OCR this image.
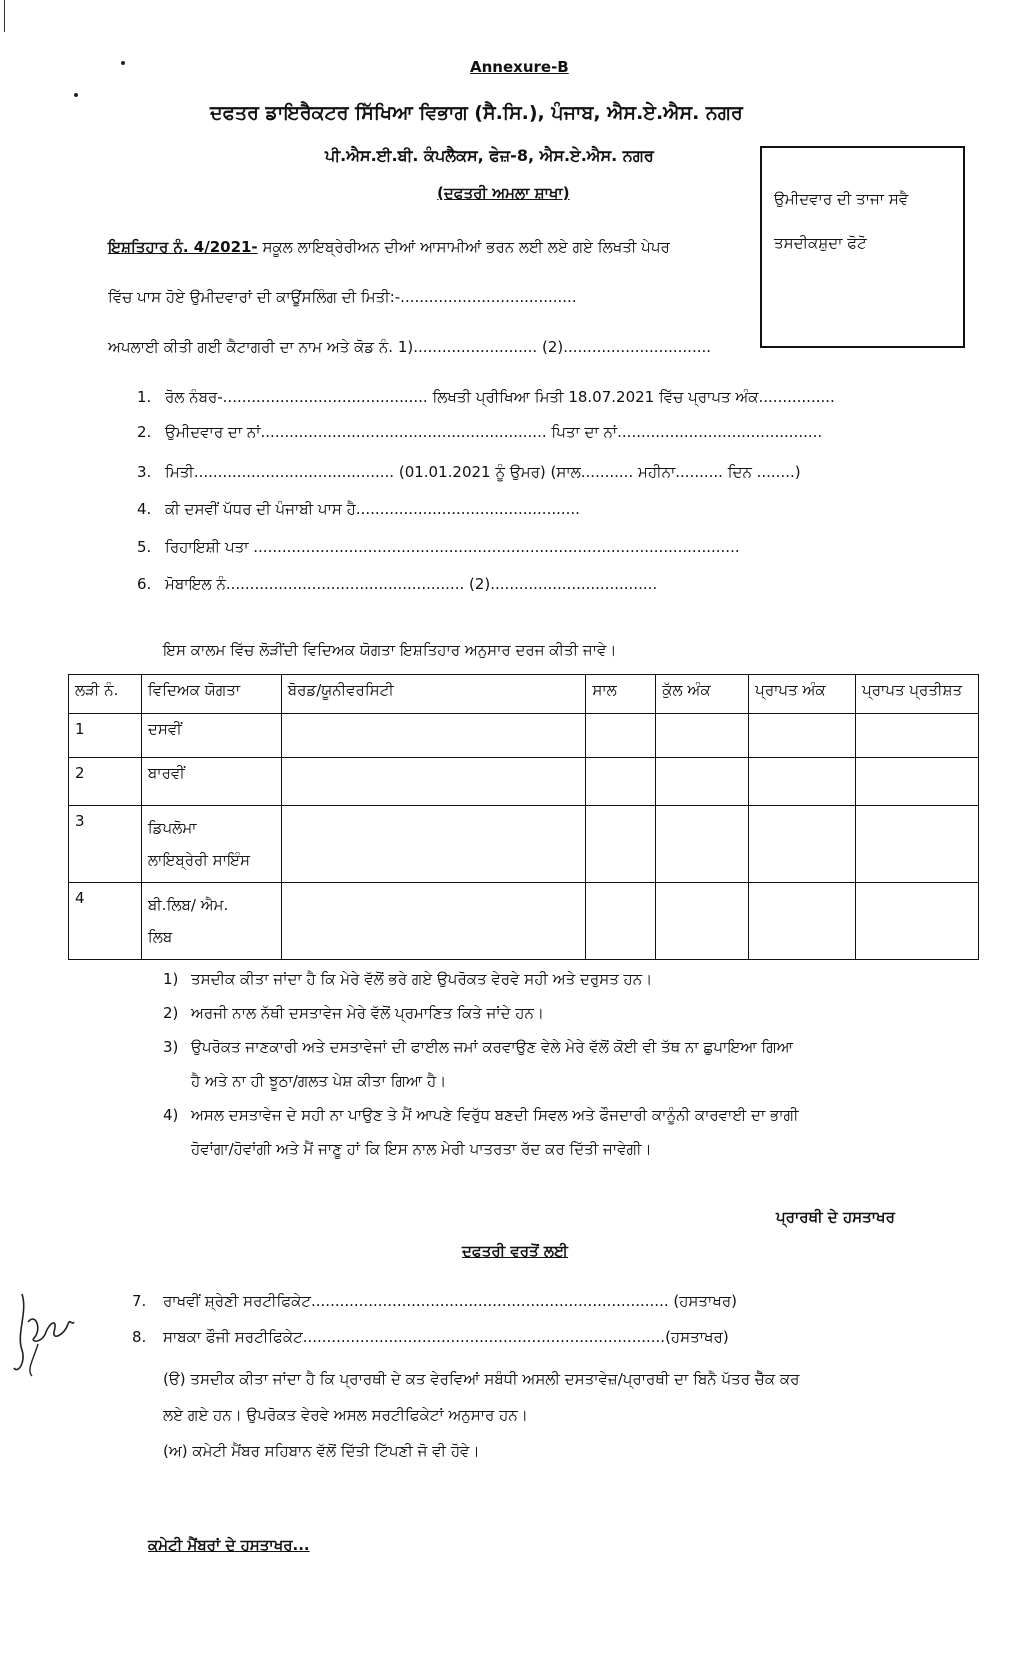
Annexure-B
ਦਫਤਰ ਡਾਇਰੈਕਟਰ ਸਿੱਖਿਆ ਵਿਭਾਗ (ਸੈ.ਸਿ.), ਪੰਜਾਬ, ਐਸ.ਏ.ਐਸ. ਨਗਰ
ਪੀ.ਐਸ.ਈ.ਬੀ. ਕੰਪਲੈਕਸ, ਫੇਜ਼-8, ਐਸ.ਏ.ਐਸ. ਨਗਰ
(ਦਫਤਰੀ ਅਮਲਾ ਸ਼ਾਖਾ)	ਉਮੀਦਵਾਰ ਦੀ ਤਾਜਾ ਸਵੈ
ਤਸਦੀਕਸ਼ੁਦਾ ਫੋਟੋ
ਇਸ਼ਤਿਹਾਰ ਨੰ. 4/2021- ਸਕੂਲ ਲਾਇਬ੍ਰੇਰੀਅਨ ਦੀਆਂ ਆਸਾਮੀਆਂ ਭਰਨ ਲਈ ਲਏ ਗਏ ਲਿਖਤੀ ਪੇਪਰ
ਵਿੱਚ ਪਾਸ ਹੋਏ ਉਮੀਦਵਾਰਾਂ ਦੀ ਕਾਊਂਸਲਿੰਗ ਦੀ ਮਿਤੀ:-.....................................
ਅਪਲਾਈ ਕੀਤੀ ਗਈ ਕੈਟਾਗਰੀ ਦਾ ਨਾਮ ਅਤੇ ਕੋਡ ਨੰ. 1).......................... (2)...............................
1. ਰੋਲ ਨੰਬਰ-........................................... ਲਿਖਤੀ ਪ੍ਰੀਖਿਆ ਮਿਤੀ 18.07.2021 ਵਿੱਚ ਪ੍ਰਾਪਤ ਅੰਕ................
2. ਉਮੀਦਵਾਰ ਦਾ ਨਾਂ............................................................ ਪਿਤਾ ਦਾ ਨਾਂ...........................................
3. ਮਿਤੀ.......................................... (01.01.2021 ਨੂੰ ਉਮਰ) (ਸਾਲ........... ਮਹੀਨਾ.......... ਦਿਨ ........)
4. ਕੀ ਦਸਵੀਂ ਪੱਧਰ ਦੀ ਪੰਜਾਬੀ ਪਾਸ ਹੈ...............................................
5. ਰਿਹਾਇਸ਼ੀ ਪਤਾ ......................................................................................................
6. ਮੋਬਾਇਲ ਨੰ.................................................. (2)...................................
ਇਸ ਕਾਲਮ ਵਿੱਚ ਲੋੜੀਂਦੀ ਵਿਦਿਅਕ ਯੋਗਤਾ ਇਸ਼ਤਿਹਾਰ ਅਨੁਸਾਰ ਦਰਜ ਕੀਤੀ ਜਾਵੇ।
ਲੜੀ ਨੰ.	ਵਿਦਿਅਕ ਯੋਗਤਾ	ਬੋਰਡ/ਯੂਨੀਵਰਸਿਟੀ	ਸਾਲ	ਕੁੱਲ ਅੰਕ	ਪ੍ਰਾਪਤ ਅੰਕ	ਪ੍ਰਾਪਤ ਪ੍ਰਤੀਸ਼ਤ
1	ਦਸਵੀਂ					
2	ਬਾਰਵੀਂ					
3	ਡਿਪਲੋਮਾ
ਲਾਇਬ੍ਰੇਰੀ ਸਾਇੰਸ					
4	ਬੀ.ਲਿਬ/ ਐਮ.
ਲਿਬ					
1) ਤਸਦੀਕ ਕੀਤਾ ਜਾਂਦਾ ਹੈ ਕਿ ਮੇਰੇ ਵੱਲੋਂ ਭਰੇ ਗਏ ਉਪਰੋਕਤ ਵੇਰਵੇ ਸਹੀ ਅਤੇ ਦਰੁਸਤ ਹਨ।
2) ਅਰਜੀ ਨਾਲ ਨੱਥੀ ਦਸਤਾਵੇਜ ਮੇਰੇ ਵੱਲੋਂ ਪ੍ਰਮਾਣਿਤ ਕਿਤੇ ਜਾਂਦੇ ਹਨ।
3) ਉਪਰੋਕਤ ਜਾਣਕਾਰੀ ਅਤੇ ਦਸਤਾਵੇਜਾਂ ਦੀ ਫਾਈਲ ਜਮਾਂ ਕਰਵਾਉਣ ਵੇਲੇ ਮੇਰੇ ਵੱਲੋਂ ਕੋਈ ਵੀ ਤੱਥ ਨਾ ਛੁਪਾਇਆ ਗਿਆ
ਹੈ ਅਤੇ ਨਾ ਹੀ ਝੂਠਾ/ਗਲਤ ਪੇਸ਼ ਕੀਤਾ ਗਿਆ ਹੈ।
4) ਅਸਲ ਦਸਤਾਵੇਜ ਦੇ ਸਹੀ ਨਾ ਪਾਉਣ ਤੇ ਮੈਂ ਆਪਣੇ ਵਿਰੁੱਧ ਬਣਦੀ ਸਿਵਲ ਅਤੇ ਫੌਜਦਾਰੀ ਕਾਨੂੰਨੀ ਕਾਰਵਾਈ ਦਾ ਭਾਗੀ
ਹੋਵਾਂਗਾ/ਹੋਵਾਂਗੀ ਅਤੇ ਮੈਂ ਜਾਣੂ ਹਾਂ ਕਿ ਇਸ ਨਾਲ ਮੇਰੀ ਪਾਤਰਤਾ ਰੱਦ ਕਰ ਦਿੱਤੀ ਜਾਵੇਗੀ।
ਪ੍ਰਾਰਥੀ ਦੇ ਹਸਤਾਖਰ
ਦਫਤਰੀ ਵਰਤੋਂ ਲਈ
7. ਰਾਖਵੀਂ ਸ਼੍ਰੇਣੀ ਸਰਟੀਫਿਕੇਟ........................................................................... (ਹਸਤਾਖਰ)
8. ਸਾਬਕਾ ਫੌਜੀ ਸਰਟੀਫਿਕੇਟ............................................................................(ਹਸਤਾਖਰ)
(ੳ) ਤਸਦੀਕ ਕੀਤਾ ਜਾਂਦਾ ਹੈ ਕਿ ਪ੍ਰਾਰਥੀ ਦੇ ਕਤ ਵੇਰਵਿਆਂ ਸਬੰਧੀ ਅਸਲੀ ਦਸਤਾਵੇਜ਼/ਪ੍ਰਾਰਥੀ ਦਾ ਬਿਨੈ ਪੱਤਰ ਚੈੱਕ ਕਰ
ਲਏ ਗਏ ਹਨ। ਉਪਰੋਕਤ ਵੇਰਵੇ ਅਸਲ ਸਰਟੀਫਿਕੇਟਾਂ ਅਨੁਸਾਰ ਹਨ।
(ਅ) ਕਮੇਟੀ ਮੈਂਬਰ ਸਹਿਬਾਨ ਵੱਲੋਂ ਦਿੱਤੀ ਟਿੱਪਣੀ ਜੋ ਵੀ ਹੋਵੇ।
ਕਮੇਟੀ ਮੈਂਬਰਾਂ ਦੇ ਹਸਤਾਖਰ...
